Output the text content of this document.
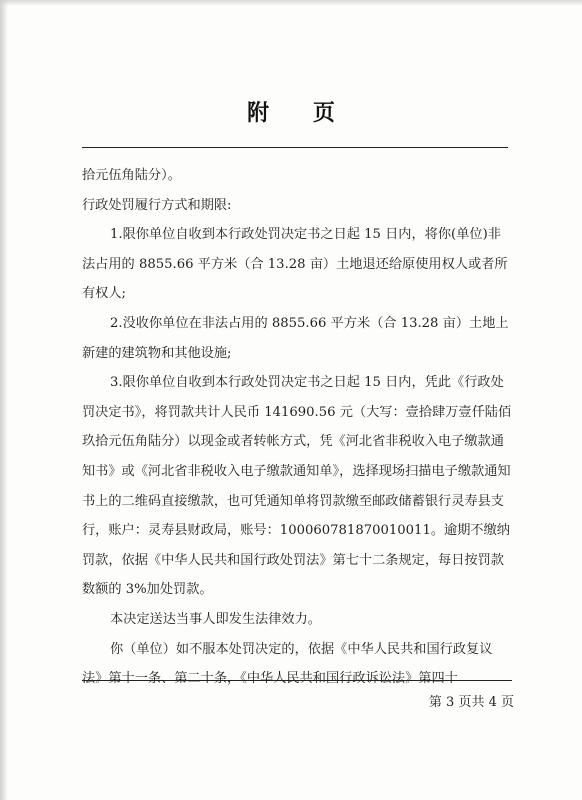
附 页

拾元伍角陆分）。

行政处罚履行方式和期限:

1.限你单位自收到本行政处罚决定书之日起 15 日内，将你(单位)非法占用的 8855.66 平方米（合 13.28 亩）土地退还给原使用权人或者所有权人;

2.没收你单位在非法占用的 8855.66 平方米（合 13.28 亩）土地上新建的建筑物和其他设施;

3.限你单位自收到本行政处罚决定书之日起 15 日内，凭此《行政处罚决定书》，将罚款共计人民币 141690.56 元（大写：壹拾肆万壹仟陆佰玖拾元伍角陆分）以现金或者转帐方式，凭《河北省非税收入电子缴款通知书》或《河北省非税收入电子缴款通知单》，选择现场扫描电子缴款通知书上的二维码直接缴款，也可凭通知单将罚款缴至邮政储蓄银行灵寿县支行，账户：灵寿县财政局，账号：100060781870010011。逾期不缴纳罚款，依据《中华人民共和国行政处罚法》第七十二条规定，每日按罚款数额的 3%加处罚款。

本决定送达当事人即发生法律效力。

你（单位）如不服本处罚决定的，依据《中华人民共和国行政复议法》第十一条、第二十条，《中华人民共和国行政诉讼法》第四十

第 3 页共 4 页
